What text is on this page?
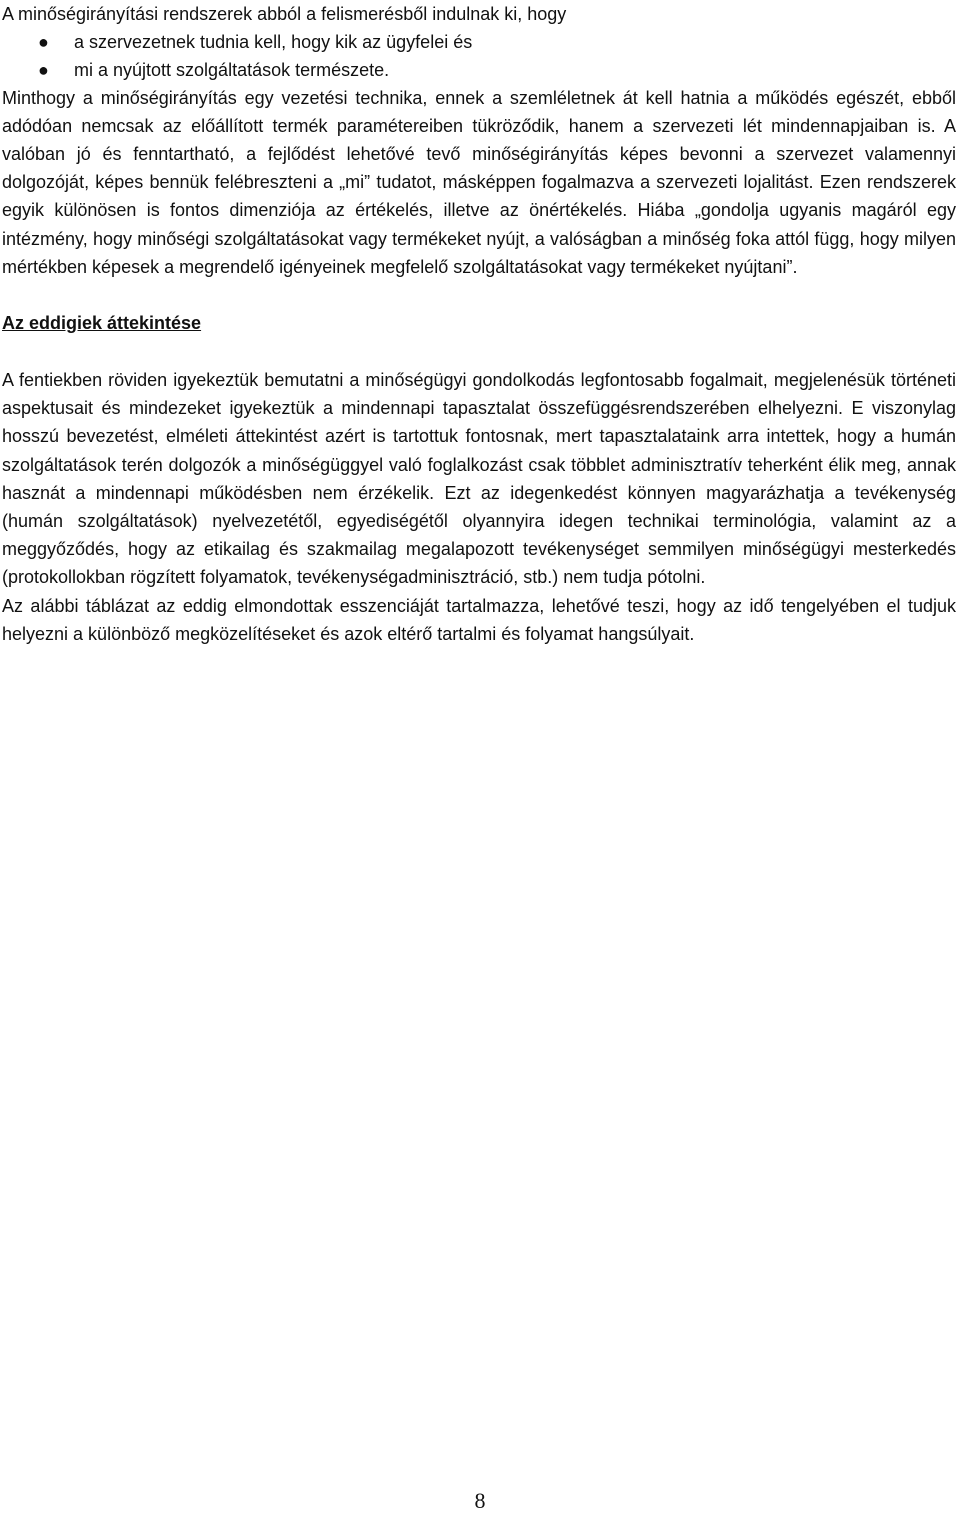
A minőségirányítási rendszerek abból a felismerésből indulnak ki, hogy

● a szervezetnek tudnia kell, hogy kik az ügyfelei és
● mi a nyújtott szolgáltatások természete.

Minthogy a minőségirányítás egy vezetési technika, ennek a szemléletnek át kell hatnia a működés egészét, ebből adódóan nemcsak az előállított termék paramétereiben tükröződik, hanem a szervezeti lét mindennapjaiban is. A valóban jó és fenntartható, a fejlődést lehetővé tevő minőségirányítás képes bevonni a szervezet valamennyi dolgozóját, képes bennük felébreszteni a „mi” tudatot, másképpen fogalmazva a szervezeti lojalitást. Ezen rendszerek egyik különösen is fontos dimenziója az értékelés, illetve az önértékelés. Hiába „gondolja ugyanis magáról egy intézmény, hogy minőségi szolgáltatásokat vagy termékeket nyújt, a valóságban a minőség foka attól függ, hogy milyen mértékben képesek a megrendelő igényeinek megfelelő szolgáltatásokat vagy termékeket nyújtani”.

Az eddigiek áttekintése

A fentiekben röviden igyekeztük bemutatni a minőségügyi gondolkodás legfontosabb fogalmait, megjelenésük történeti aspektusait és mindezeket igyekeztük a mindennapi tapasztalat összefüggésrendszerében elhelyezni. E viszonylag hosszú bevezetést, elméleti áttekintést azért is tartottuk fontosnak, mert tapasztalataink arra intettek, hogy a humán szolgáltatások terén dolgozók a minőségüggyel való foglalkozást csak többlet adminisztratív teherként élik meg, annak hasznát a mindennapi működésben nem érzékelik. Ezt az idegenkedést könnyen magyarázhatja a tevékenység (humán szolgáltatások) nyelvezetétől, egyediségétől olyannyira idegen technikai terminológia, valamint az a meggyőződés, hogy az etikailag és szakmailag megalapozott tevékenységet semmilyen minőségügyi mesterkedés (protokollokban rögzített folyamatok, tevékenységadminisztráció, stb.) nem tudja pótolni.

Az alábbi táblázat az eddig elmondottak esszenciáját tartalmazza, lehetővé teszi, hogy az idő tengelyében el tudjuk helyezni a különböző megközelítéseket és azok eltérő tartalmi és folyamat hangsúlyait.

8
